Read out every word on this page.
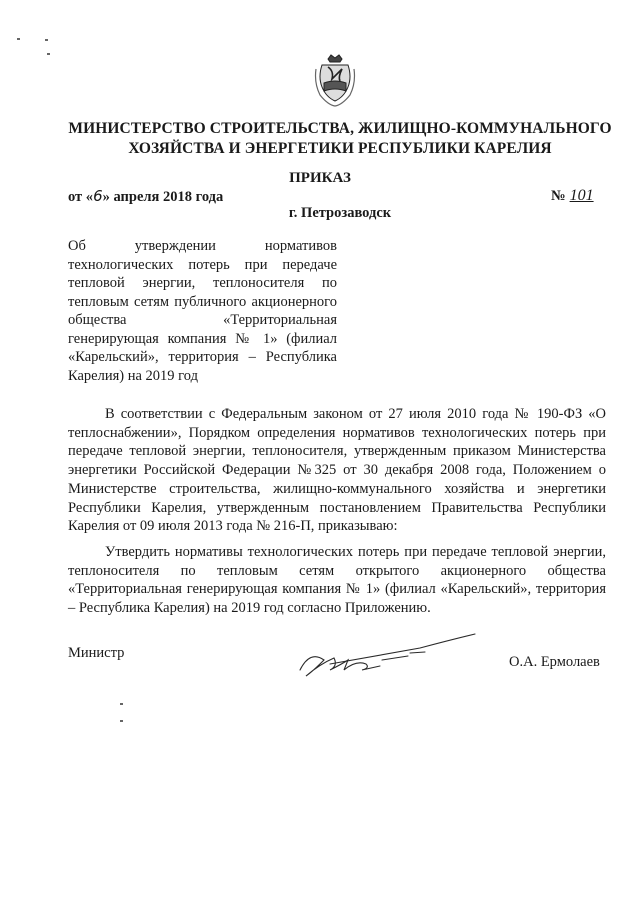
МИНИСТЕРСТВО СТРОИТЕЛЬСТВА, ЖИЛИЩНО-КОММУНАЛЬНОГО
ХОЗЯЙСТВА И ЭНЕРГЕТИКИ РЕСПУБЛИКИ КАРЕЛИЯ
ПРИКАЗ
от «6» апреля 2018 года	№ 101
г. Петрозаводск
Об утверждении нормативов технологических потерь при передаче тепловой энергии, теплоносителя по тепловым сетям публичного акционерного общества «Территориальная генерирующая компания № 1» (филиал «Карельский», территория – Республика Карелия) на 2019 год
В соответствии с Федеральным законом от 27 июля 2010 года № 190-ФЗ «О теплоснабжении», Порядком определения нормативов технологических потерь при передаче тепловой энергии, теплоносителя, утвержденным приказом Министерства энергетики Российской Федерации №325 от 30 декабря 2008 года, Положением о Министерстве строительства, жилищно-коммунального хозяйства и энергетики Республики Карелия, утвержденным постановлением Правительства Республики Карелия от 09 июля 2013 года № 216-П, приказываю:
Утвердить нормативы технологических потерь при передаче тепловой энергии, теплоносителя по тепловым сетям открытого акционерного общества «Территориальная генерирующая компания № 1» (филиал «Карельский», территория – Республика Карелия) на 2019 год согласно Приложению.
Министр
О.А. Ермолаев
